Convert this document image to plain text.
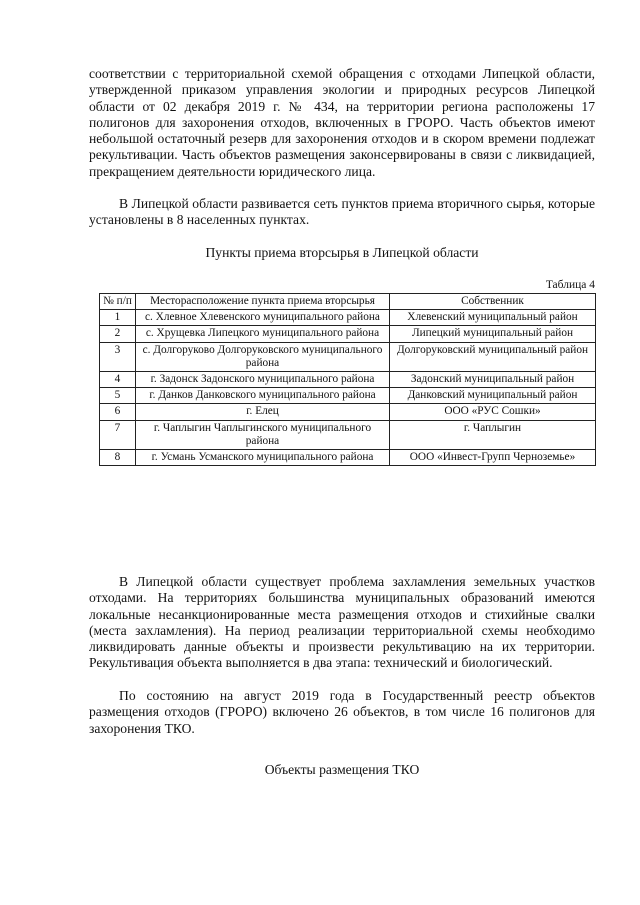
соответствии с территориальной схемой обращения с отходами Липецкой области, утвержденной приказом управления экологии и природных ресурсов Липецкой области от 02 декабря 2019 г. № 434, на территории региона расположены 17 полигонов для захоронения отходов, включенных в ГРОРО. Часть объектов имеют небольшой остаточный резерв для захоронения отходов и в скором времени подлежат рекультивации. Часть объектов размещения законсервированы в связи с ликвидацией, прекращением деятельности юридического лица.

В Липецкой области развивается сеть пунктов приема вторичного сырья, которые установлены в 8 населенных пунктах.

Пункты приема вторсырья в Липецкой области

Таблица 4
№ п/п	Месторасположение пункта приема вторсырья	Собственник
1	с. Хлевное Хлевенского муниципального района	Хлевенский муниципальный район
2	с. Хрущевка Липецкого муниципального района	Липецкий муниципальный район
3	с. Долгоруково Долгоруковского муниципального района	Долгоруковский муниципальный район
4	г. Задонск Задонского муниципального района	Задонский муниципальный район
5	г. Данков Данковского муниципального района	Данковский муниципальный район
6	г. Елец	ООО «РУС Сошки»
7	г. Чаплыгин Чаплыгинского муниципального района	г. Чаплыгин
8	г. Усмань Усманского муниципального района	ООО «Инвест-Групп Черноземье»

В Липецкой области существует проблема захламления земельных участков отходами. На территориях большинства муниципальных образований имеются локальные несанкционированные места размещения отходов и стихийные свалки (места захламления). На период реализации территориальной схемы необходимо ликвидировать данные объекты и произвести рекультивацию на их территории. Рекультивация объекта выполняется в два этапа: технический и биологический.

По состоянию на август 2019 года в Государственный реестр объектов размещения отходов (ГРОРО) включено 26 объектов, в том числе 16 полигонов для захоронения ТКО.

Объекты размещения ТКО
